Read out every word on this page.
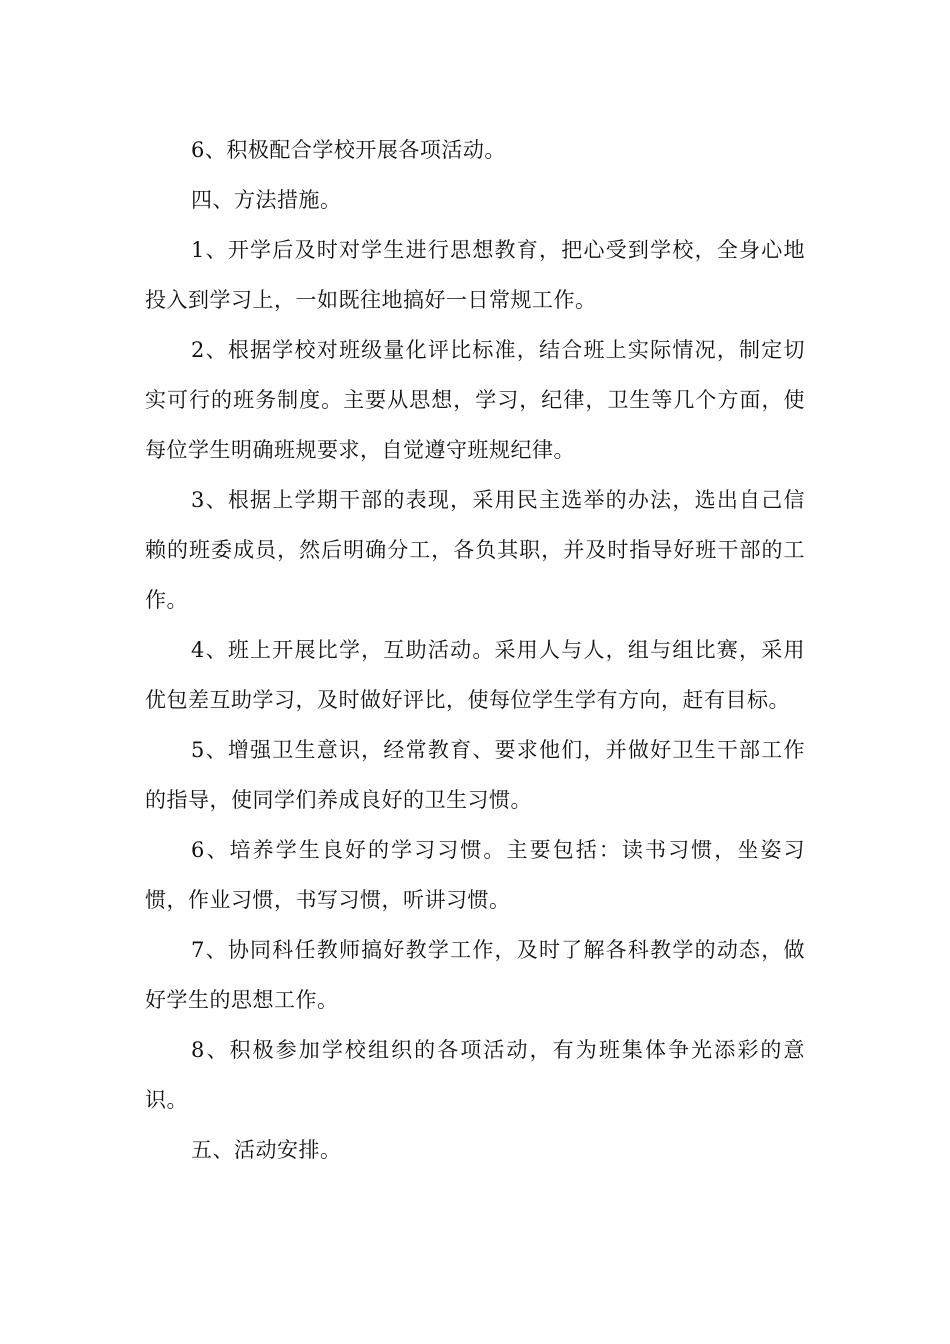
6、积极配合学校开展各项活动。

四、方法措施。

1、开学后及时对学生进行思想教育，把心受到学校，全身心地投入到学习上，一如既往地搞好一日常规工作。

2、根据学校对班级量化评比标准，结合班上实际情况，制定切实可行的班务制度。主要从思想，学习，纪律，卫生等几个方面，使每位学生明确班规要求，自觉遵守班规纪律。

3、根据上学期干部的表现，采用民主选举的办法，选出自己信赖的班委成员，然后明确分工，各负其职，并及时指导好班干部的工作。

4、班上开展比学，互助活动。采用人与人，组与组比赛，采用优包差互助学习，及时做好评比，使每位学生学有方向，赶有目标。

5、增强卫生意识，经常教育、要求他们，并做好卫生干部工作的指导，使同学们养成良好的卫生习惯。

6、培养学生良好的学习习惯。主要包括：读书习惯，坐姿习惯，作业习惯，书写习惯，听讲习惯。

7、协同科任教师搞好教学工作，及时了解各科教学的动态，做好学生的思想工作。

8、积极参加学校组织的各项活动，有为班集体争光添彩的意识。

五、活动安排。
